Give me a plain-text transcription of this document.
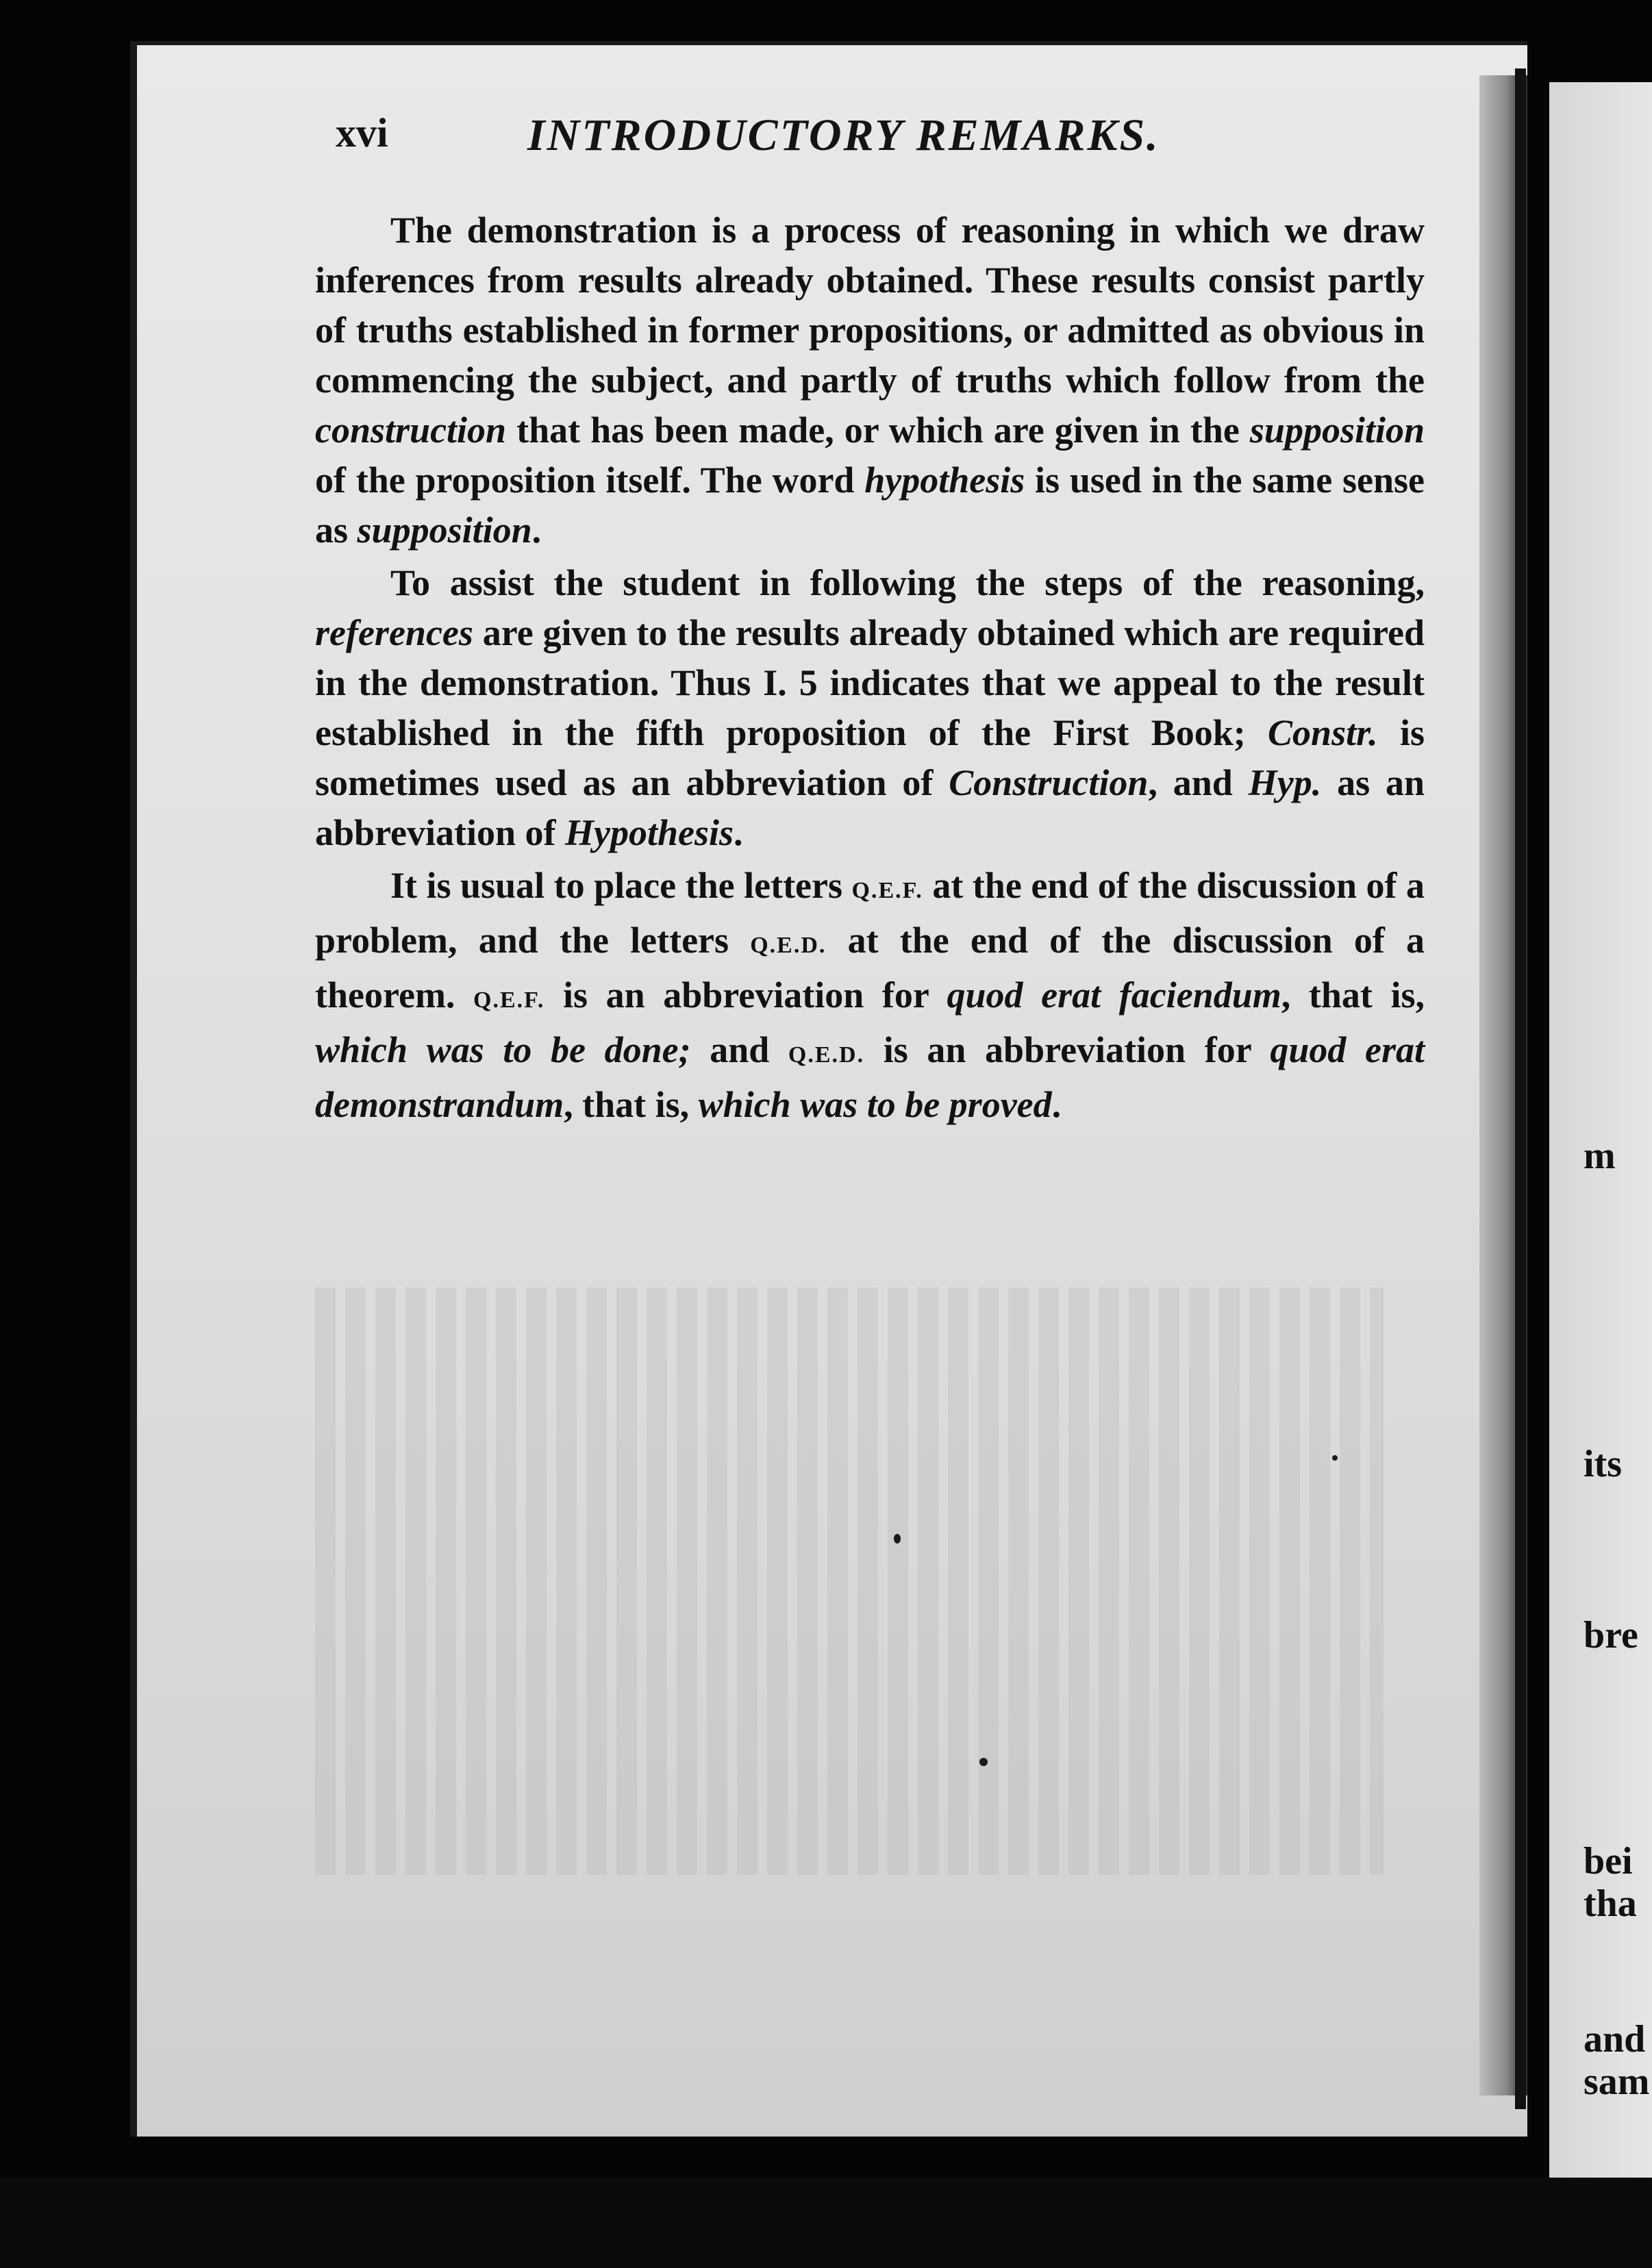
m
its
bre
bei
tha
and
sam
xvi	INTRODUCTORY REMARKS.

The demonstration is a process of reasoning in which we draw inferences from results already obtained. These results consist partly of truths established in former propositions, or admitted as obvious in commencing the subject, and partly of truths which follow from the construction that has been made, or which are given in the supposition of the proposition itself. The word hypothesis is used in the same sense as supposition.

To assist the student in following the steps of the reasoning, references are given to the results already obtained which are required in the demonstration. Thus I. 5 indicates that we appeal to the result established in the fifth proposition of the First Book; Constr. is sometimes used as an abbreviation of Construction, and Hyp. as an abbreviation of Hypothesis.

It is usual to place the letters Q.E.F. at the end of the discussion of a problem, and the letters Q.E.D. at the end of the discussion of a theorem. Q.E.F. is an abbreviation for quod erat faciendum, that is, which was to be done; and Q.E.D. is an abbreviation for quod erat demonstrandum, that is, which was to be proved.
